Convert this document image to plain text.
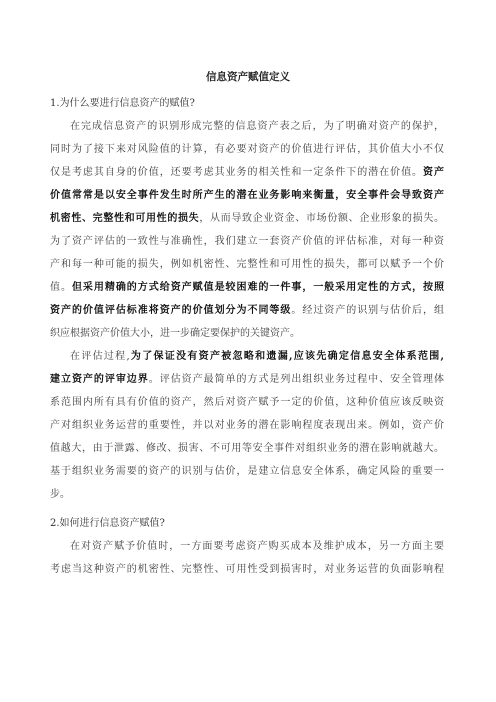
信息资产赋值定义
1.为什么要进行信息资产的赋值?
在完成信息资产的识别形成完整的信息资产表之后，为了明确对资产的保护，
同时为了接下来对风险值的计算，有必要对资产的价值进行评估，其价值大小不仅
仅是考虑其自身的价值，还要考虑其业务的相关性和一定条件下的潜在价值。资产
价值常常是以安全事件发生时所产生的潜在业务影响来衡量，安全事件会导致资产
机密性、完整性和可用性的损失，从而导致企业资金、市场份额、企业形象的损失。
为了资产评估的一致性与准确性，我们建立一套资产价值的评估标准，对每一种资
产和每一种可能的损失，例如机密性、完整性和可用性的损失，都可以赋予一个价
值。但采用精确的方式给资产赋值是较困难的一件事，一般采用定性的方式，按照
资产的价值评估标准将资产的价值划分为不同等级。经过资产的识别与估价后，组
织应根据资产价值大小，进一步确定要保护的关键资产。
在评估过程,为了保证没有资产被忽略和遗漏,应该先确定信息安全体系范围,
建立资产的评审边界。评估资产最简单的方式是列出组织业务过程中、安全管理体
系范围内所有具有价值的资产，然后对资产赋予一定的价值，这种价值应该反映资
产对组织业务运营的重要性，并以对业务的潜在影响程度表现出来。例如，资产价
值越大，由于泄露、修改、损害、不可用等安全事件对组织业务的潜在影响就越大。
基于组织业务需要的资产的识别与估价，是建立信息安全体系，确定风险的重要一
步。
2.如何进行信息资产赋值?
在对资产赋予价值时，一方面要考虑资产购买成本及维护成本，另一方面主要
考虑当这种资产的机密性、完整性、可用性受到损害时，对业务运营的负面影响程
